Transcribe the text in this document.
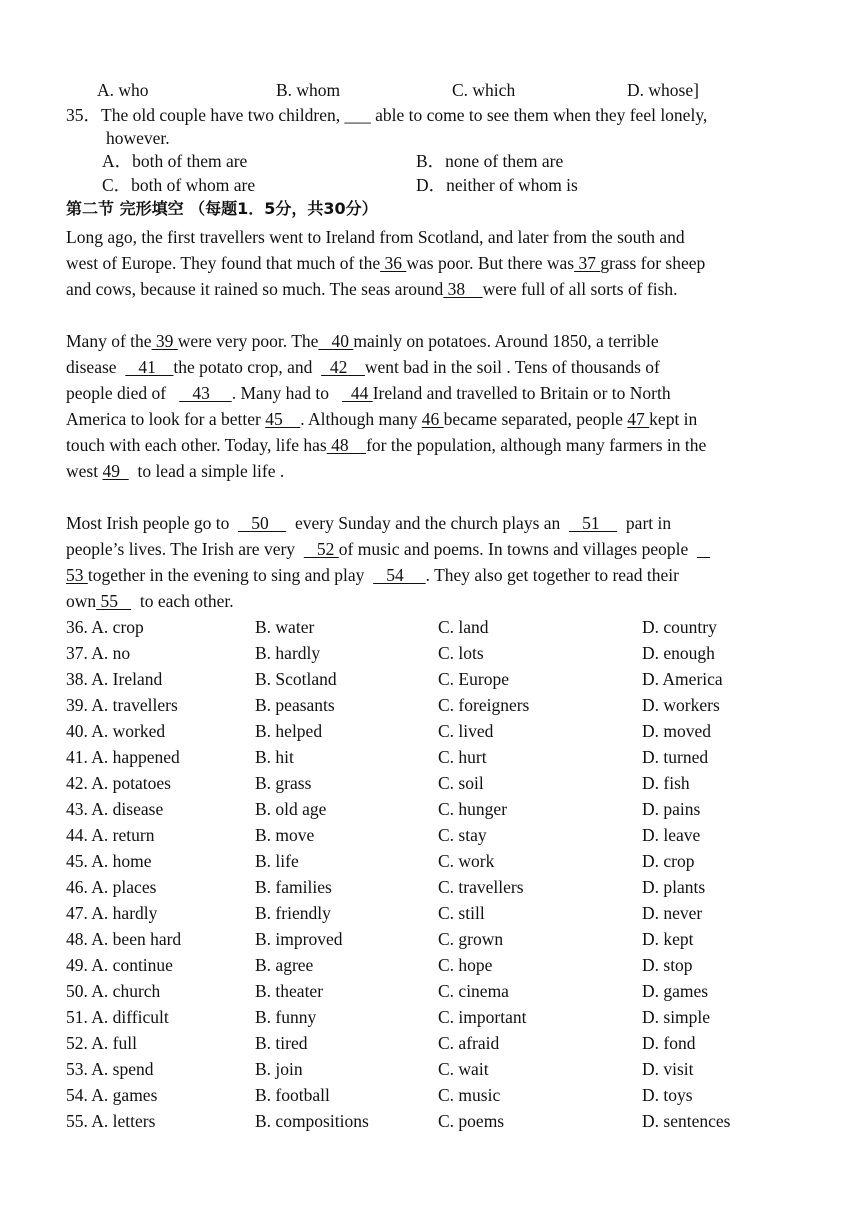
A. who	B. whom	C. which	D. whose]
35．The old couple have two children, ___ able to come to see them when they feel lonely,
however.
A．both of them are	B．none of them are
C．both of whom are	D．neither of whom is
第二节 完形填空 （每题1．5分，共30分）
Long ago, the first travellers went to Ireland from Scotland, and later from the south and
west of Europe. They found that much of the 36 was poor. But there was 37 grass for sheep
and cows, because it rained so much. The seas around 38    were full of all sorts of fish.
Many of the 39 were very poor. The   40 mainly on potatoes. Around 1850, a terrible
disease     41    the potato crop, and    42    went bad in the soil . Tens of thousands of
people died of      43     . Many had to     44 Ireland and travelled to Britain or to North
America to look for a better 45    . Although many 46 became separated, people 47 kept in
touch with each other. Today, life has 48    for the population, although many farmers in the
west 49    to lead a simple life .
Most Irish people go to     50      every Sunday and the church plays an     51      part in
people’s lives. The Irish are very     52 of music and poems. In towns and villages people
53 together in the evening to sing and play     54     . They also get together to read their
own 55     to each other.
36. A. crop	B. water	C. land	D. country
37. A. no	B. hardly	C. lots	D. enough
38. A. Ireland	B. Scotland	C. Europe	D. America
39. A. travellers	B. peasants	C. foreigners	D. workers
40. A. worked	B. helped	C. lived	D. moved
41. A. happened	B. hit	C. hurt	D. turned
42. A. potatoes	B. grass	C. soil	D. fish
43. A. disease	B. old age	C. hunger	D. pains
44. A. return	B. move	C. stay	D. leave
45. A. home	B. life	C. work	D. crop
46. A. places	B. families	C. travellers	D. plants
47. A. hardly	B. friendly	C. still	D. never
48. A. been hard	B. improved	C. grown	D. kept
49. A. continue	B. agree	C. hope	D. stop
50. A. church	B. theater	C. cinema	D. games
51. A. difficult	B. funny	C. important	D. simple
52. A. full	B. tired	C. afraid	D. fond
53. A. spend	B. join	C. wait	D. visit
54. A. games	B. football	C. music	D. toys
55. A. letters	B. compositions	C. poems	D. sentences
